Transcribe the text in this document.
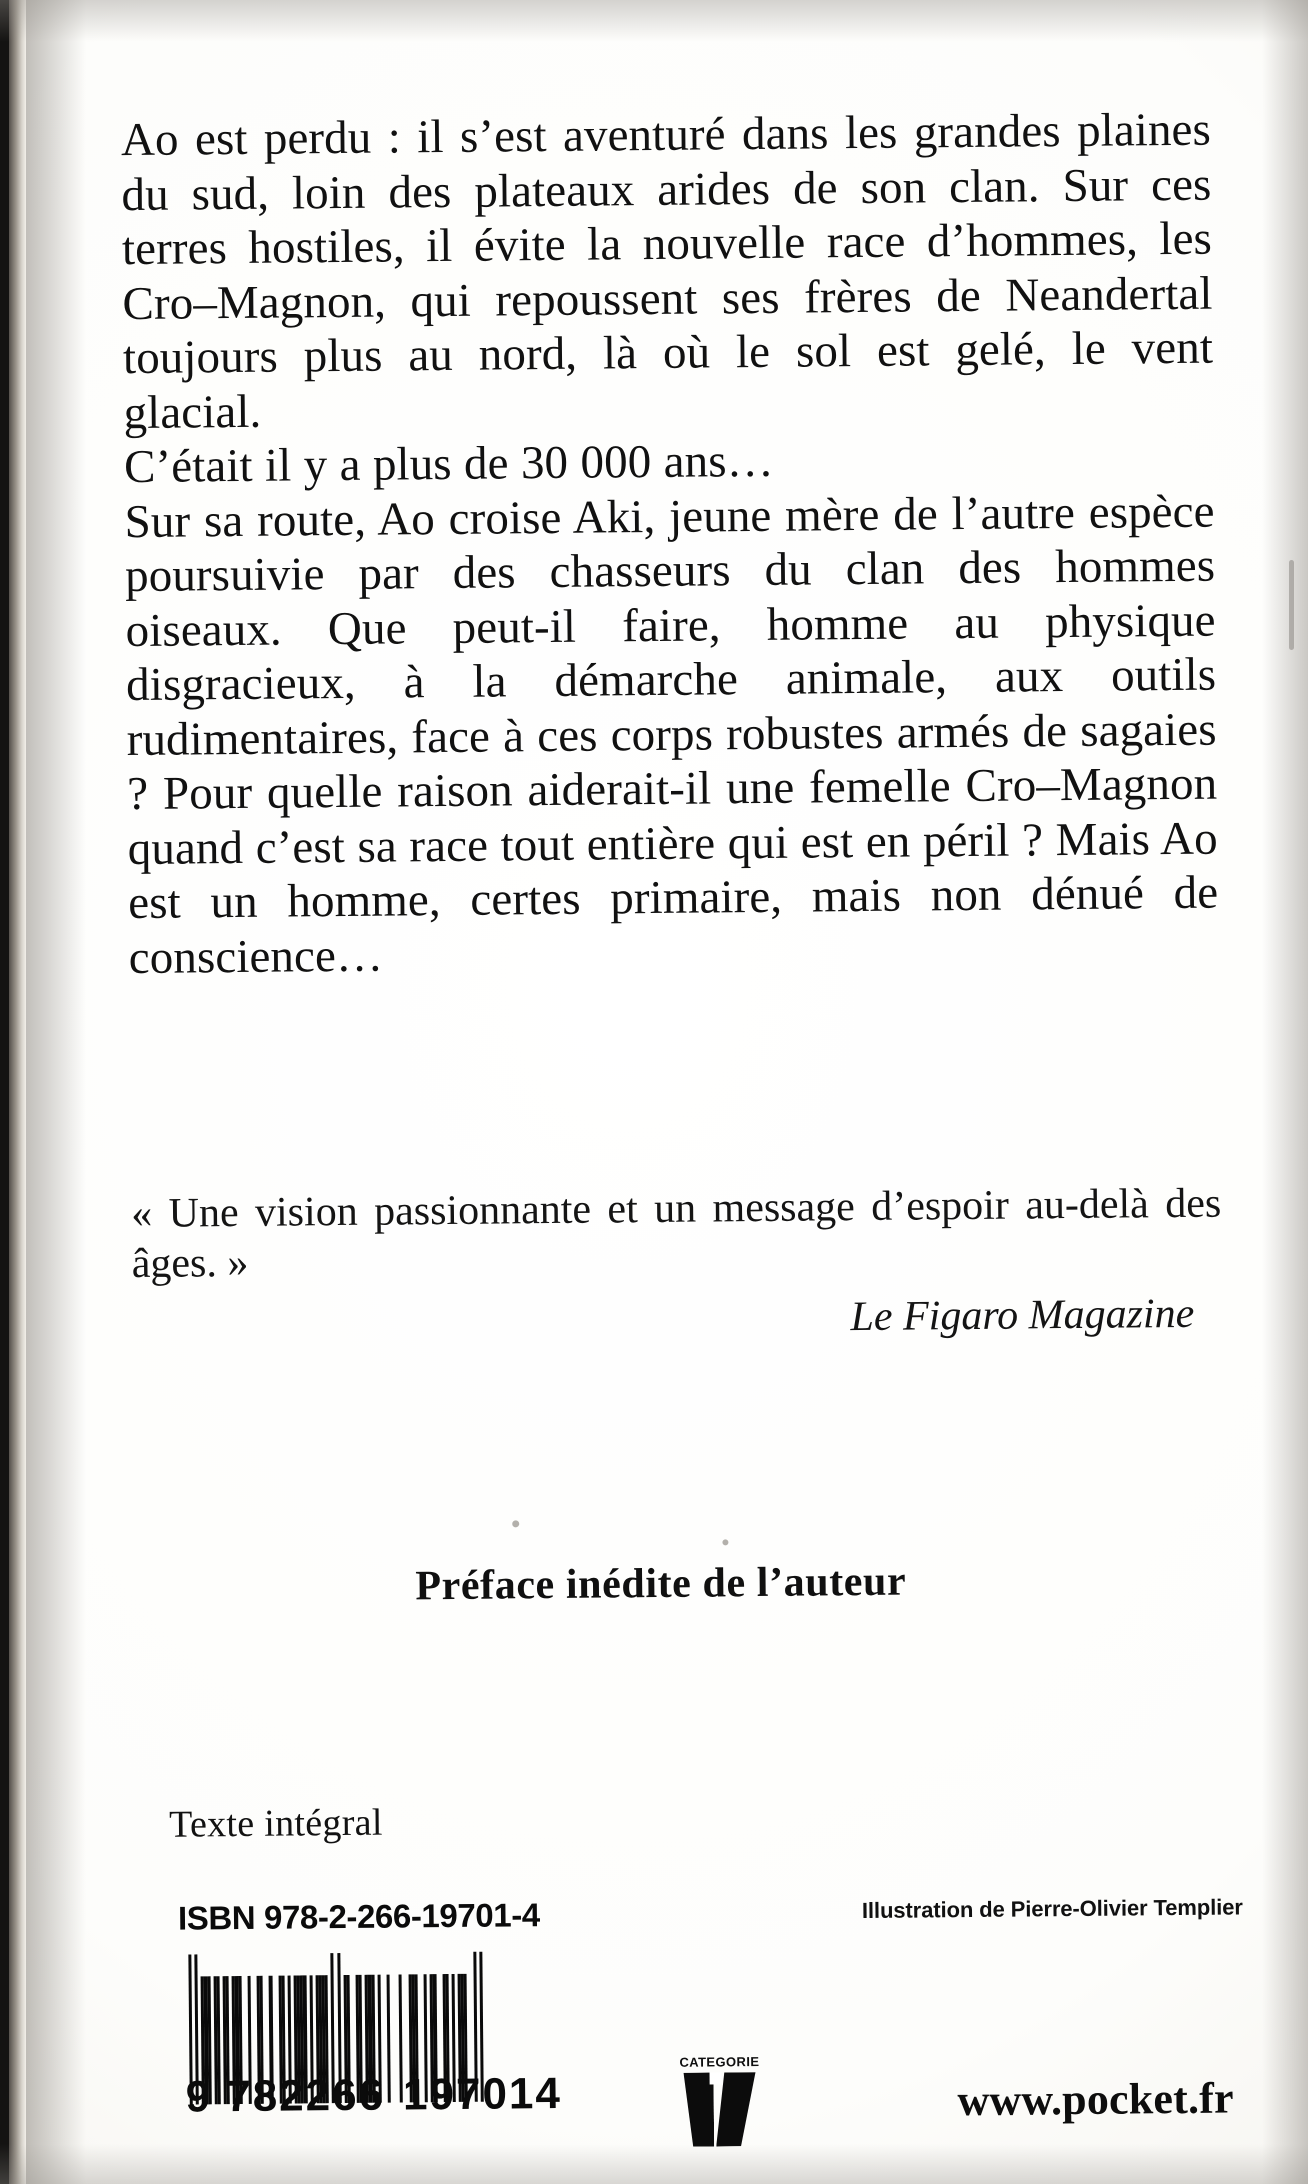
Ao est perdu : il s’est aventuré dans les grandes plaines du sud, loin des plateaux arides de son clan. Sur ces terres hostiles, il évite la nouvelle race d’hommes, les Cro–Magnon, qui repoussent ses frères de Neandertal toujours plus au nord, là où le sol est gelé, le vent glacial.

C’était il y a plus de 30 000 ans…

Sur sa route, Ao croise Aki, jeune mère de l’autre espèce poursuivie par des chasseurs du clan des hommes oiseaux. Que peut-il faire, homme au physique disgracieux, à la démarche animale, aux outils rudimentaires, face à ces corps robustes armés de sagaies ? Pour quelle raison aiderait-il une femelle Cro–Magnon quand c’est sa race tout entière qui est en péril ? Mais Ao est un homme, certes primaire, mais non dénué de conscience…

« Une vision passionnante et un message d’espoir au-delà des âges. »

Le Figaro Magazine
Préface inédite de l’auteur
Texte intégral
ISBN 978-2-266-19701-4	Illustration de Pierre-Olivier Templier
9 782266 197014
CATEGORIE
www.pocket.fr
